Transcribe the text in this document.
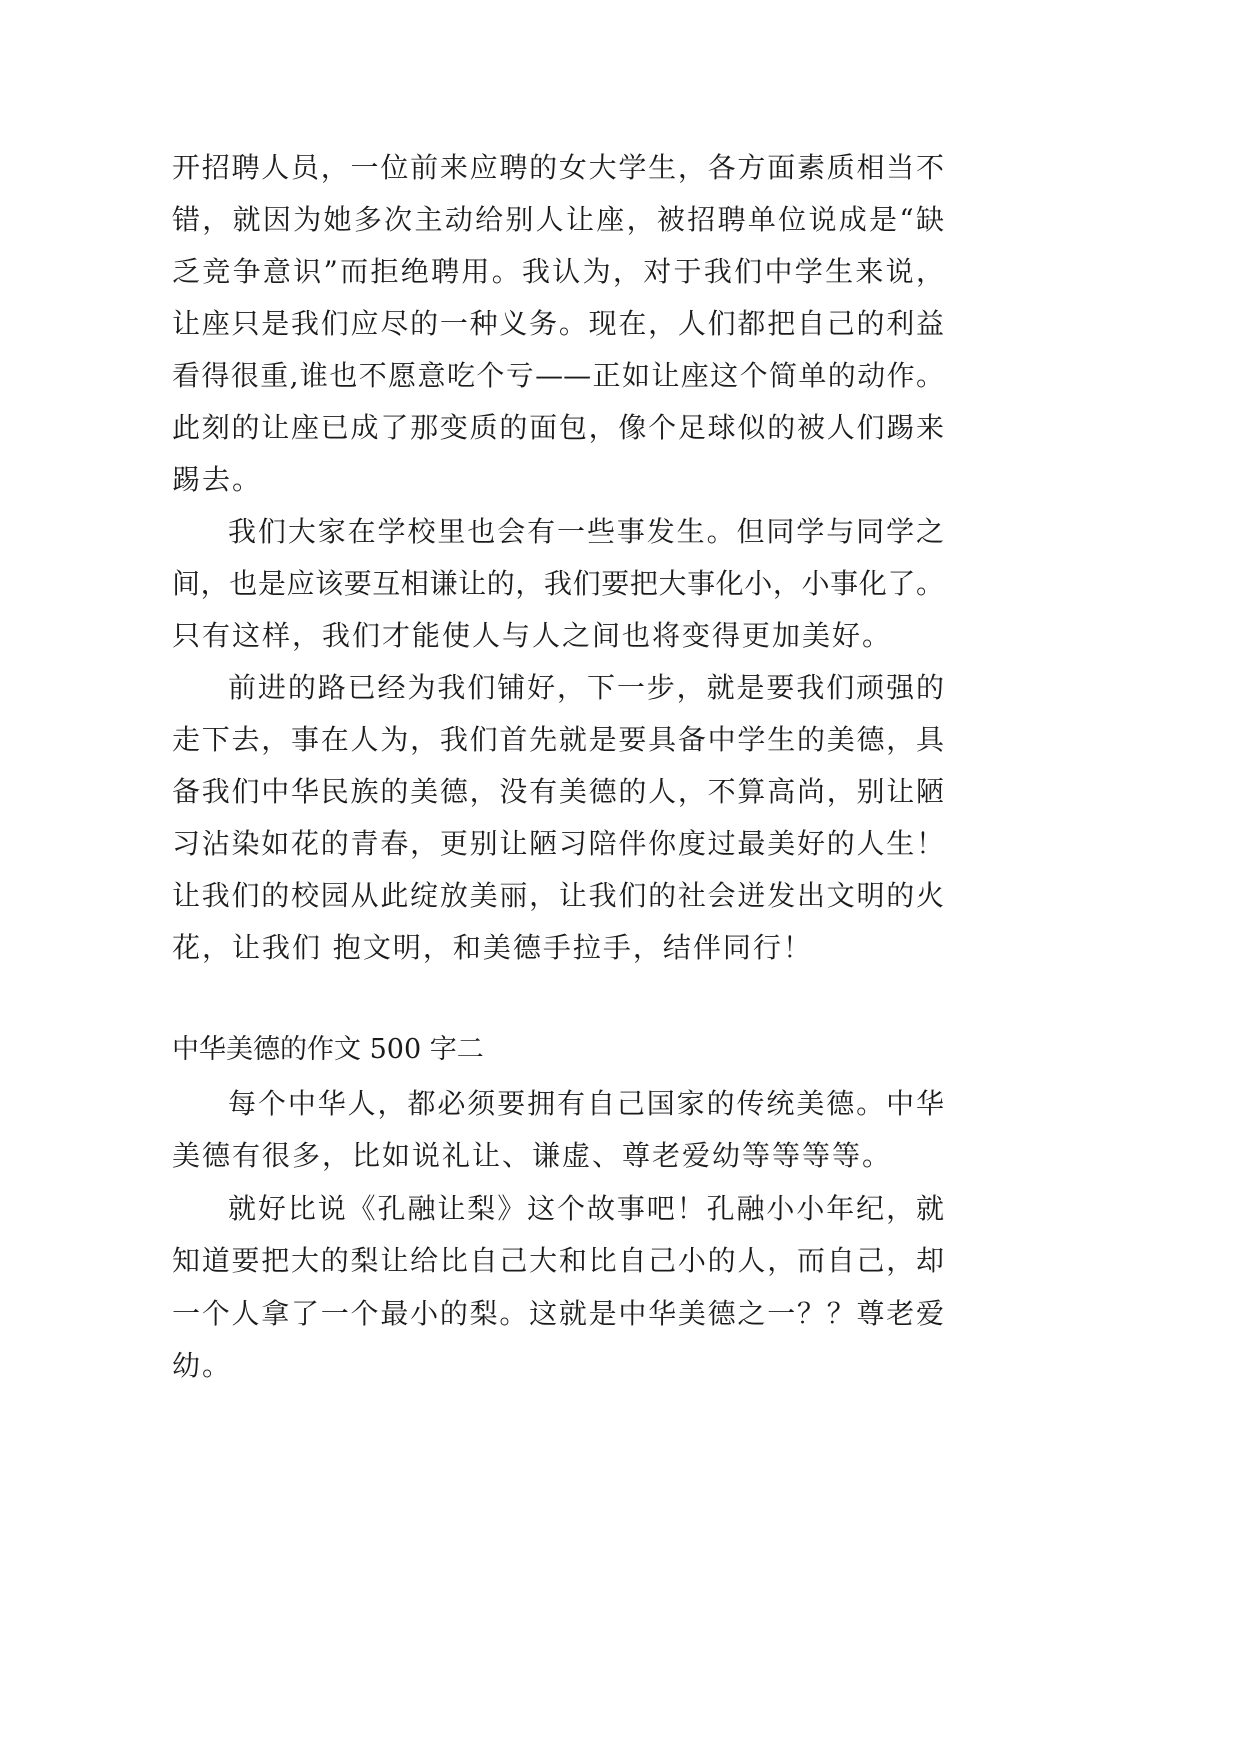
开招聘人员，一位前来应聘的女大学生，各方面素质相当不
错，就因为她多次主动给别人让座，被招聘单位说成是“缺
乏竞争意识”而拒绝聘用。我认为，对于我们中学生来说，
让座只是我们应尽的一种义务。现在，人们都把自己的利益
看得很重,谁也不愿意吃个亏——正如让座这个简单的动作。
此刻的让座已成了那变质的面包，像个足球似的被人们踢来
踢去。
我们大家在学校里也会有一些事发生。但同学与同学之
间，也是应该要互相谦让的，我们要把大事化小，小事化了。
只有这样，我们才能使人与人之间也将变得更加美好。
前进的路已经为我们铺好，下一步，就是要我们顽强的
走下去，事在人为，我们首先就是要具备中学生的美德，具
备我们中华民族的美德，没有美德的人，不算高尚，别让陋
习沾染如花的青春，更别让陋习陪伴你度过最美好的人生！
让我们的校园从此绽放美丽，让我们的社会迸发出文明的火
花，让我们 抱文明，和美德手拉手，结伴同行！
中华美德的作文 500 字二
每个中华人，都必须要拥有自己国家的传统美德。中华
美德有很多，比如说礼让、谦虚、尊老爱幼等等等等。
就好比说《孔融让梨》这个故事吧！孔融小小年纪，就
知道要把大的梨让给比自己大和比自己小的人，而自己，却
一个人拿了一个最小的梨。这就是中华美德之一？？尊老爱
幼。
